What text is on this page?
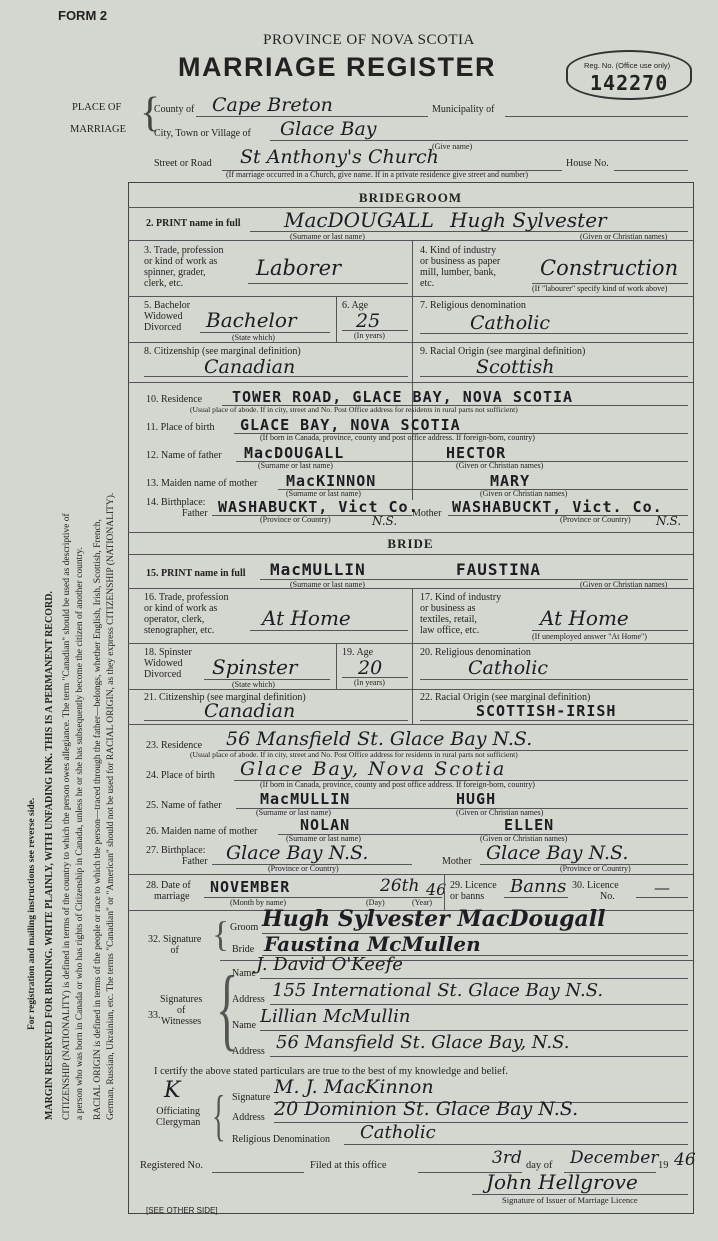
For registration and mailing instructions see reverse side. MARGIN RESERVED FOR BINDING. WRITE PLAINLY, WITH UNFADING INK. THIS IS A PERMANENT RECORD. CITIZENSHIP (NATIONALITY) is defined in terms of the country to which the person owes allegiance. The term "Canadian" should be used as descriptive of a person who was born in Canada or who has rights of Citizenship in Canada, unless he or she has subsequently become the citizen of another country. RACIAL ORIGIN is defined in terms of the people or race to which the person—traced through the father—belongs, whether English, Irish, Scottish, French, German, Russian, Ukrainian, etc. The terms "Canadian" or "American" should not be used for RACIAL ORIGIN, as they express CITIZENSHIP (NATIONALITY).
FORM 2
PROVINCE OF NOVA SCOTIA
MARRIAGE REGISTER	Reg. No. (Office use only)
142270
PLACE OF
MARRIAGE {
County of Cape Breton	Municipality of
City, Town or Village of Glace Bay
(Give name)
Street or Road St Anthony's Church	House No.
(If marriage occurred in a Church, give name. If in a private residence give street and number)
BRIDEGROOM
2. PRINT name in full MacDOUGALL Hugh Sylvester
(Surname or last name)	(Given or Christian names)
3. Trade, profession
or kind of work as
spinner, grader,
clerk, etc.
Laborer
4. Kind of industry
or business as paper
mill, lumber, bank,
etc.
Construction
(If "labourer" specify kind of work above)
5. Bachelor
Widowed
Divorced	Bachelor
(State which)
6. Age
25
(In years)
7. Religious denomination
Catholic
8. Citizenship (see marginal definition)
Canadian
9. Racial Origin (see marginal definition)
Scottish
10. Residence TOWER ROAD, GLACE BAY, NOVA SCOTIA
(Usual place of abode. If in city, street and No. Post Office address for residents in rural parts not sufficient)
11. Place of birth GLACE BAY, NOVA SCOTIA
(If born in Canada, province, county and post office address. If foreign-born, country)
12. Name of father MacDOUGALL	HECTOR
(Surname or last name)	(Given or Christian names)
13. Maiden name of mother MacKINNON	MARY
(Surname or last name)	(Given or Christian names)
14. Birthplace:
Father WASHABUCKT, Vict Co.
N.S.
Mother WASHABUCKT, Vict. Co.
N.S.
(Province or Country)	(Province or Country)
BRIDE
15. PRINT name in full MacMULLIN	FAUSTINA
(Surname or last name)	(Given or Christian names)
16. Trade, profession
or kind of work as
operator, clerk,
stenographer, etc.
At Home
17. Kind of industry
or business as
textiles, retail,
law office, etc.
At Home
(If unemployed answer "At Home")
18. Spinster
Widowed
Divorced	Spinster
(State which)
19. Age
20
(In years)
20. Religious denomination
Catholic
21. Citizenship (see marginal definition)
Canadian
22. Racial Origin (see marginal definition)
SCOTTISH-IRISH
23. Residence 56 Mansfield St. Glace Bay N.S.
(Usual place of abode. If in city, street and No. Post Office address for residents in rural parts not sufficient)
24. Place of birth Glace Bay, Nova Scotia
(If born in Canada, province, county and post office address. If foreign-born, country)
25. Name of father	MacMULLIN	HUGH
(Surname or last name)	(Given or Christian names)
26. Maiden name of mother	NOLAN	ELLEN
(Surname or last name)	(Given or Christian names)
27. Birthplace:
Father Glace Bay N.S.	Mother Glace Bay N.S.
(Province or Country)	(Province or Country)
28. Date of
marriage
NOVEMBER	26th 46
(Month by name)	(Day)	(Year)
29. Licence
or banns	Banns 30. Licence
No. —
32. Signature
of { Groom Hugh Sylvester MacDougall
Bride Faustina McMullen
33.
Signatures
of
Witnesses {
Name J. David O'Keefe
Address 155 International St. Glace Bay N.S.
Name Lillian McMullin
Address 56 Mansfield St. Glace Bay, N.S.
I certify the above stated particulars are true to the best of my knowledge and belief.
K
Officiating
Clergyman { Signature M. J. MacKinnon
Address 20 Dominion St. Glace Bay N.S.
Religious Denomination Catholic
Registered No.	Filed at this office	3rd day of December 19 46
John Hellgrove
Signature of Issuer of Marriage Licence
[SEE OTHER SIDE]
